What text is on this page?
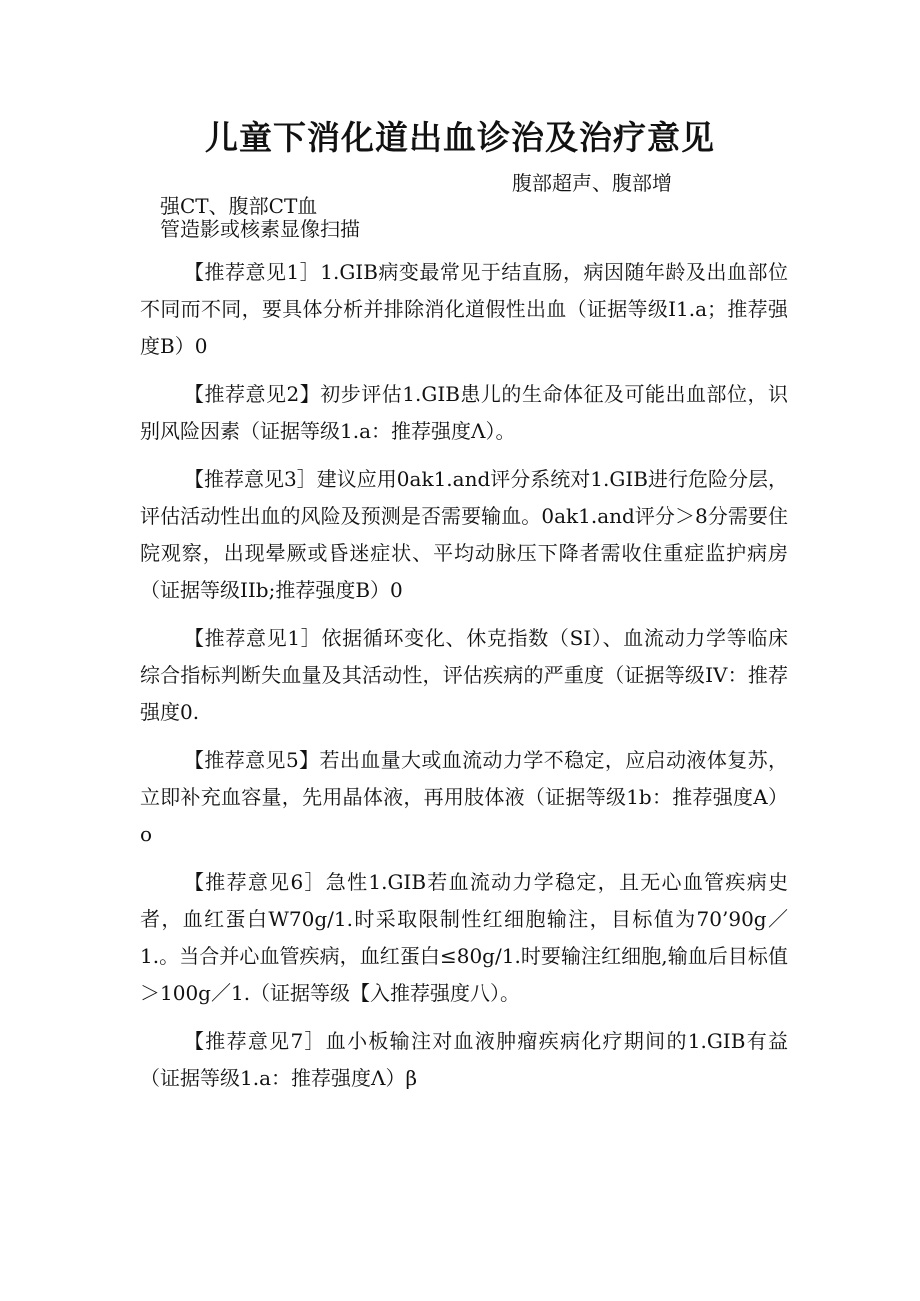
儿童下消化道出血诊治及治疗意见
腹部超声、腹部增
强CT、腹部CT血
管造影或核素显像扫描

【推荐意见1］1.GIB病变最常见于结直肠，病因随年龄及出血部位不同而不同，要具体分析并排除消化道假性出血（证据等级I1.a；推荐强度B）0

【推荐意见2】初步评估1.GIB患儿的生命体征及可能出血部位，识别风险因素（证据等级1.a：推荐强度Λ）。

【推荐意见3］建议应用0ak1.and评分系统对1.GIB进行危险分层，评估活动性出血的风险及预测是否需要输血。0ak1.and评分＞8分需要住院观察，出现晕厥或昏迷症状、平均动脉压下降者需收住重症监护病房（证据等级IIb;推荐强度B）0

【推荐意见1］依据循环变化、休克指数（SI）、血流动力学等临床综合指标判断失血量及其活动性，评估疾病的严重度（证据等级IV：推荐强度0.

【推荐意见5】若出血量大或血流动力学不稳定，应启动液体复苏，立即补充血容量，先用晶体液，再用肢体液（证据等级1b：推荐强度A）o

【推荐意见6］急性1.GIB若血流动力学稳定，且无心血管疾病史者，血红蛋白W70g/1.时采取限制性红细胞输注，目标值为70’90g／1.。当合并心血管疾病，血红蛋白≤80g/1.时要输注红细胞,输血后目标值＞100g／1.（证据等级【入推荐强度八）。

【推荐意见7］血小板输注对血液肿瘤疾病化疗期间的1.GIB有益（证据等级1.a：推荐强度Λ）β
